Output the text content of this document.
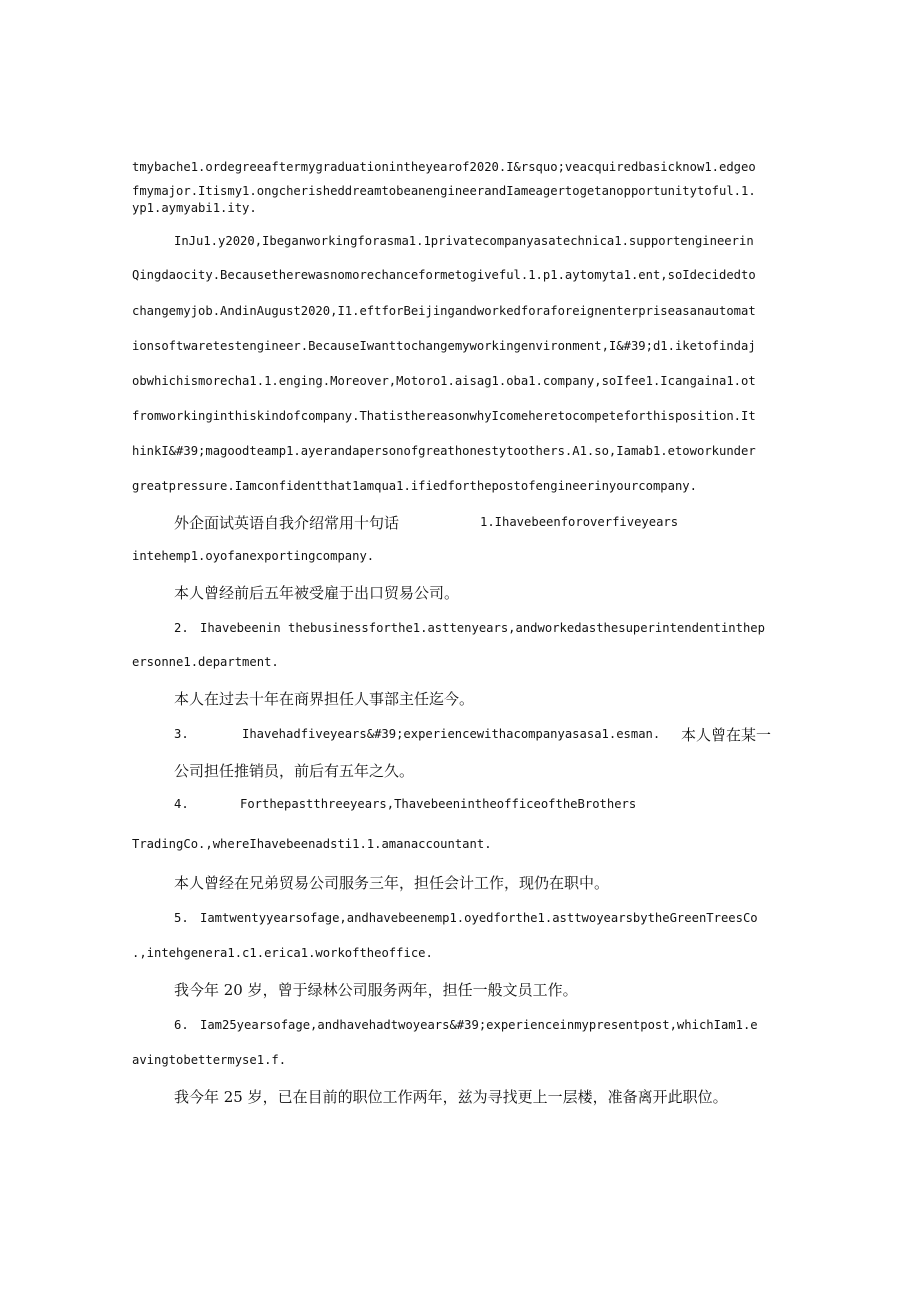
tmybache1.ordegreeaftermygraduationintheyearof2020.I&rsquo;veacquiredbasicknow1.edgeo
fmymajor.Itismy1.ongcherisheddreamtobeanengineerandIameagertogetanopportunitytoful.1.
yp1.aymyabi1.ity.
InJu1.y2020,Ibeganworkingforasma1.1privatecompanyasatechnica1.supportengineerin
Qingdaocity.Becausetherewasnomorechanceformetogiveful.1.p1.aytomyta1.ent,soIdecidedto
changemyjob.AndinAugust2020,I1.eftforBeijingandworkedforaforeignenterpriseasanautomat
ionsoftwaretestengineer.BecauseIwanttochangemyworkingenvironment,I&#39;d1.iketofindaj
obwhichismorecha1.1.enging.Moreover,Motoro1.aisag1.oba1.company,soIfee1.Icangaina1.ot
fromworkinginthiskindofcompany.ThatisthereasonwhyIcomeheretocompeteforthisposition.It
hinkI&#39;magoodteamp1.ayerandapersonofgreathonestytoothers.A1.so,Iamab1.etoworkunder
greatpressure.Iamconfidentthat1amqua1.ifiedforthepostofengineerinyourcompany.
外企面试英语自我介绍常用十句话	1.Ihavebeenforoverfiveyears
intehemp1.oyofanexportingcompany.
本人曾经前后五年被受雇于出口贸易公司。
2. Ihavebeenin thebusinessforthe1.asttenyears,andworkedasthesuperintendentinthep
ersonne1.department.
本人在过去十年在商界担任人事部主任迄今。
3.	Ihavehadfiveyears&#39;experiencewithacompanyasasa1.esman. 本人曾在某一
公司担任推销员，前后有五年之久。
4.	Forthepastthreeyears,ThavebeenintheofficeoftheBrothers
TradingCo.,whereIhavebeenadsti1.1.amanaccountant.
本人曾经在兄弟贸易公司服务三年，担任会计工作，现仍在职中。
5. Iamtwentyyearsofage,andhavebeenemp1.oyedforthe1.asttwoyearsbytheGreenTreesCo
.,intehgenera1.c1.erica1.workoftheoffice.
我今年 20 岁，曾于绿林公司服务两年，担任一般文员工作。
6. Iam25yearsofage,andhavehadtwoyears&#39;experienceinmypresentpost,whichIam1.e
avingtobettermyse1.f.
我今年 25 岁，已在目前的职位工作两年，兹为寻找更上一层楼，准备离开此职位。
